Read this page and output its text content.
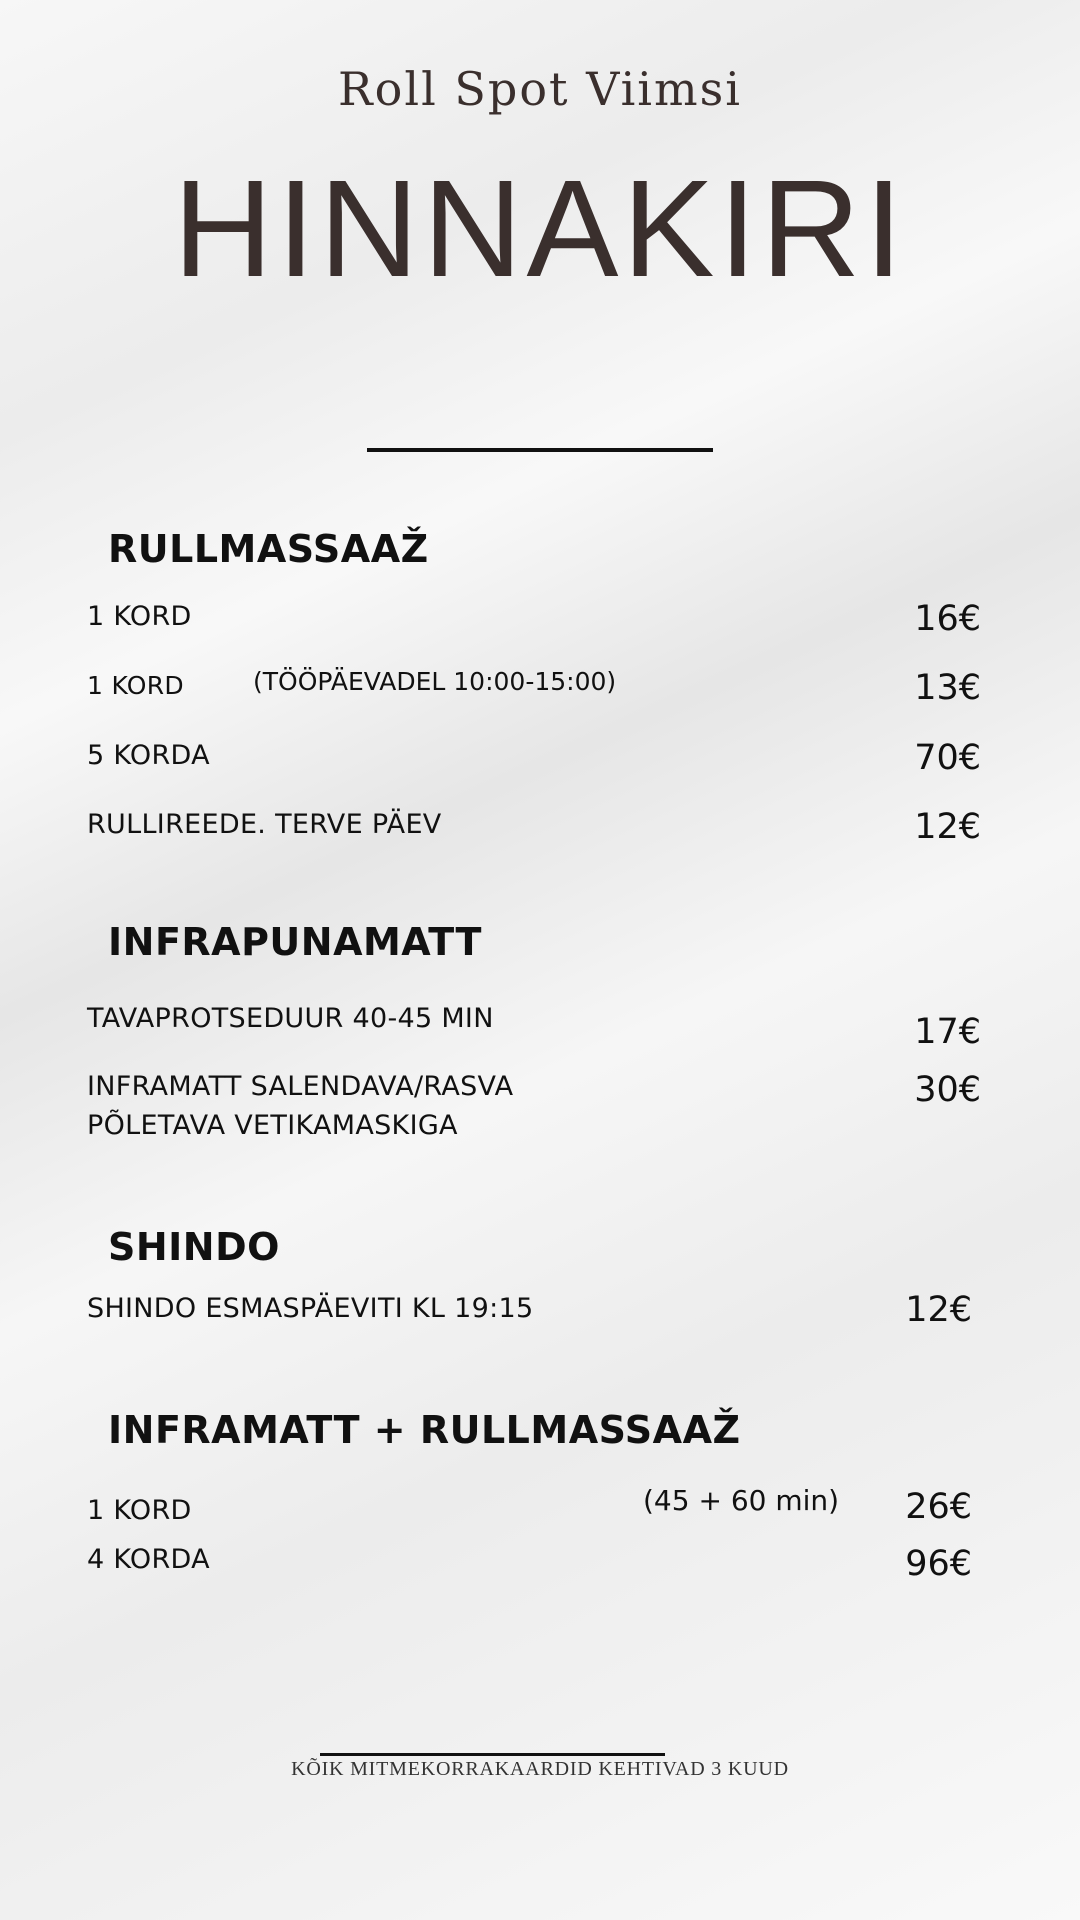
Roll Spot Viimsi
HINNAKIRI
RULLMASSAAŽ
1 KORD	16€
1 KORD	(TÖÖPÄEVADEL 10:00-15:00)	13€
5 KORDA	70€
RULLIREEDE. TERVE PÄEV	12€
INFRAPUNAMATT
TAVAPROTSEDUUR 40-45 MIN	17€
INFRAMATT SALENDAVA/RASVA
PÕLETAVA VETIKAMASKIGA
30€
SHINDO
SHINDO ESMASPÄEVITI KL 19:15	12€
INFRAMATT + RULLMASSAAŽ
1 KORD	(45 + 60 min)	26€
4 KORDA	96€
KÕIK MITMEKORRAKAARDID KEHTIVAD 3 KUUD
